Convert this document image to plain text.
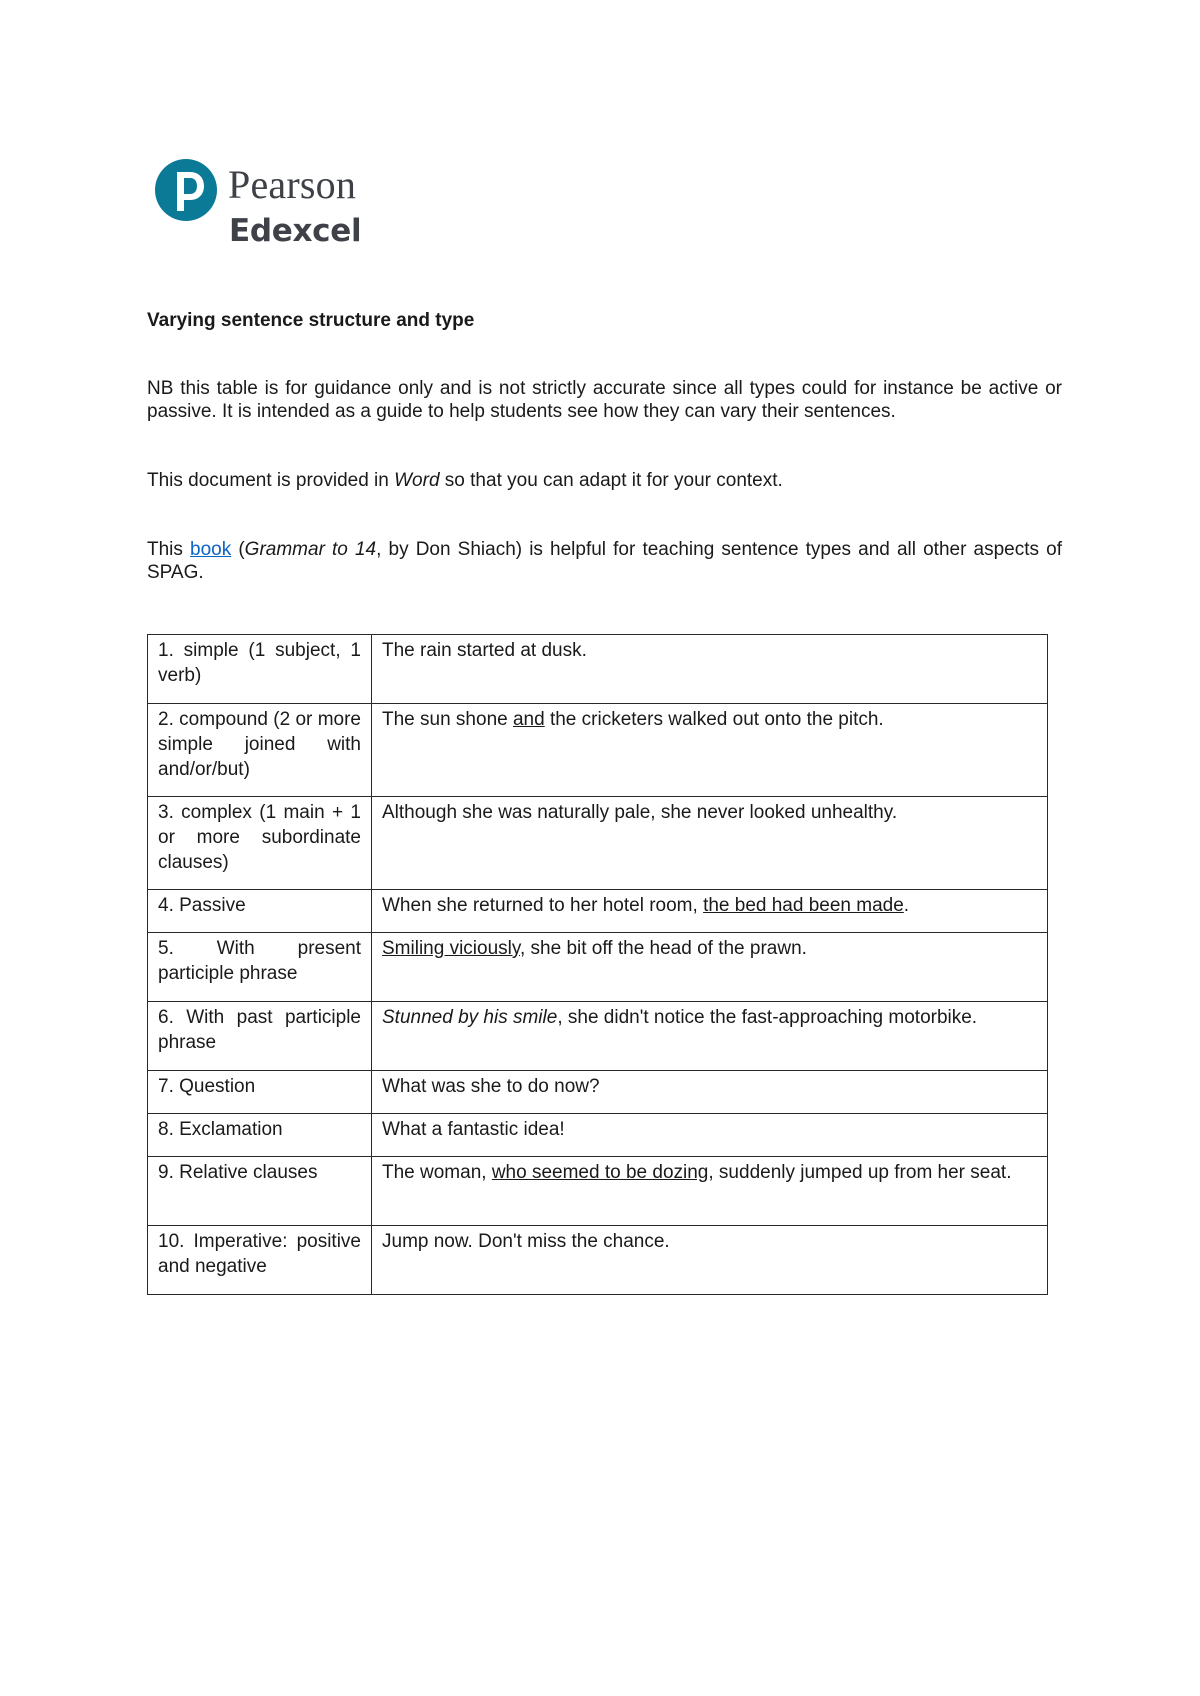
Pearson
Edexcel

Varying sentence structure and type

NB this table is for guidance only and is not strictly accurate since all types could for instance be active or passive. It is intended as a guide to help students see how they can vary their sentences.

This document is provided in Word so that you can adapt it for your context.

This book (Grammar to 14, by Don Shiach) is helpful for teaching sentence types and all other aspects of SPAG.

1. simple (1 subject, 1 verb)	The rain started at dusk.
2. compound (2 or more simple joined with and/or/but)	The sun shone and the cricketers walked out onto the pitch.
3. complex (1 main + 1 or more subordinate clauses)	Although she was naturally pale, she never looked unhealthy.
4. Passive	When she returned to her hotel room, the bed had been made.
5. With present participle phrase	Smiling viciously, she bit off the head of the prawn.
6. With past participle phrase	Stunned by his smile, she didn't notice the fast-approaching motorbike.
7. Question	What was she to do now?
8. Exclamation	What a fantastic idea!
9. Relative clauses	The woman, who seemed to be dozing, suddenly jumped up from her seat.
10. Imperative: positive and negative	Jump now. Don't miss the chance.
